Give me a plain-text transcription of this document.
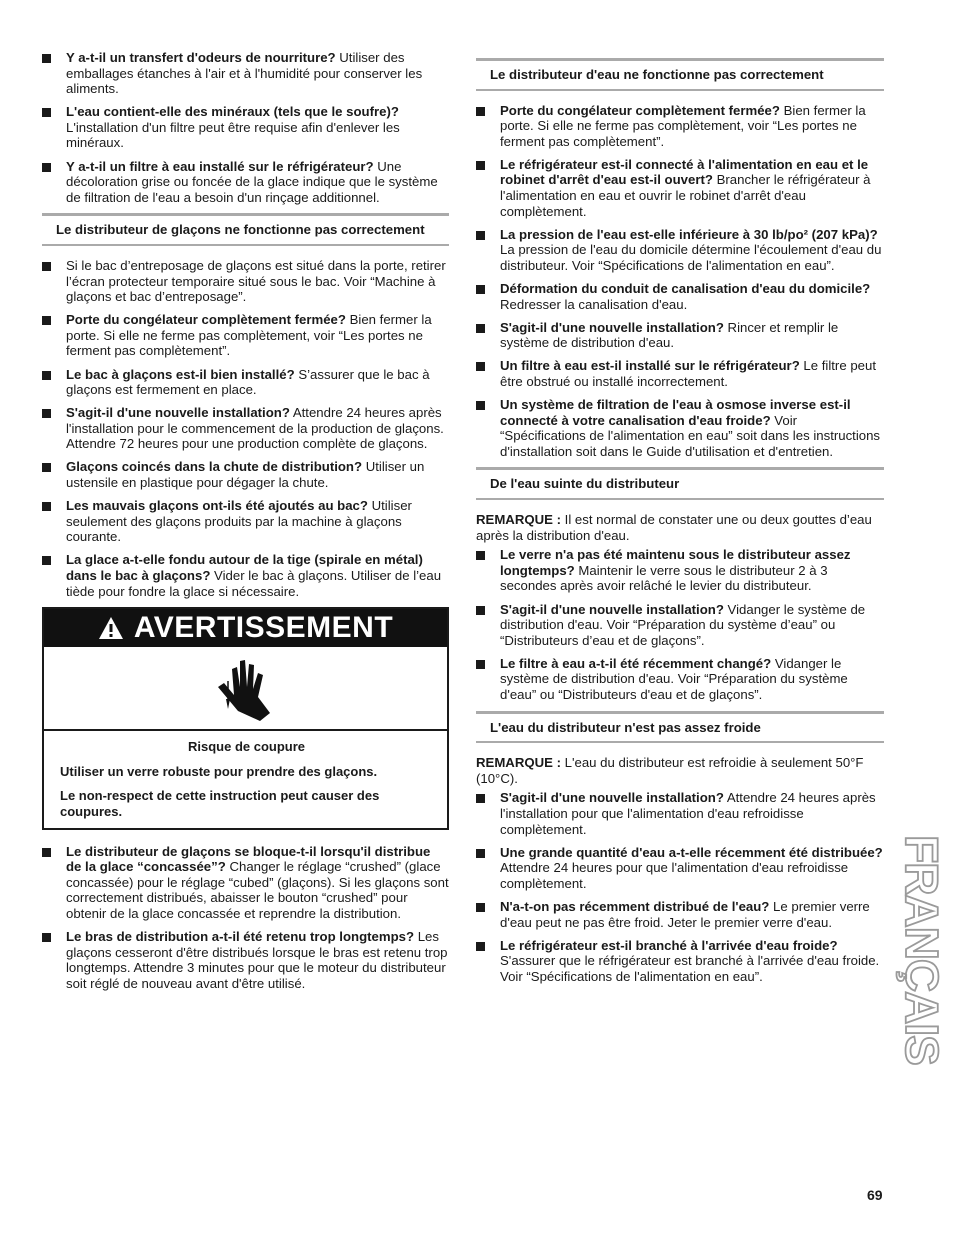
Y a-t-il un transfert d'odeurs de nourriture? Utiliser des emballages étanches à l'air et à l'humidité pour conserver les aliments.
L'eau contient-elle des minéraux (tels que le soufre)? L'installation d'un filtre peut être requise afin d'enlever les minéraux.
Y a-t-il un filtre à eau installé sur le réfrigérateur? Une décoloration grise ou foncée de la glace indique que le système de filtration de l'eau a besoin d'un rinçage additionnel.
Le distributeur de glaçons ne fonctionne pas correctement
Si le bac d’entreposage de glaçons est situé dans la porte, retirer l’écran protecteur temporaire situé sous le bac. Voir “Machine à glaçons et bac d’entreposage”.
Porte du congélateur complètement fermée? Bien fermer la porte. Si elle ne ferme pas complètement, voir “Les portes ne ferment pas complètement”.
Le bac à glaçons est-il bien installé? S’assurer que le bac à glaçons est fermement en place.
S'agit-il d'une nouvelle installation? Attendre 24 heures après l'installation pour le commencement de la production de glaçons. Attendre 72 heures pour une production complète de glaçons.
Glaçons coincés dans la chute de distribution? Utiliser un ustensile en plastique pour dégager la chute.
Les mauvais glaçons ont-ils été ajoutés au bac? Utiliser seulement des glaçons produits par la machine à glaçons courante.
La glace a-t-elle fondu autour de la tige (spirale en métal) dans le bac à glaçons? Vider le bac à glaçons. Utiliser de l’eau tiède pour fondre la glace si nécessaire.
AVERTISSEMENT
Risque de coupure

Utiliser un verre robuste pour prendre des glaçons.

Le non-respect de cette instruction peut causer des coupures.

Le distributeur de glaçons se bloque-t-il lorsqu'il distribue de la glace “concassée”? Changer le réglage “crushed” (glace concassée) pour le réglage “cubed” (glaçons). Si les glaçons sont correctement distribués, abaisser le bouton “crushed” pour obtenir de la glace concassée et reprendre la distribution.
Le bras de distribution a-t-il été retenu trop longtemps? Les glaçons cesseront d'être distribués lorsque le bras est retenu trop longtemps. Attendre 3 minutes pour que le moteur du distributeur soit réglé de nouveau avant d'être utilisé.
Le distributeur d'eau ne fonctionne pas correctement
Porte du congélateur complètement fermée? Bien fermer la porte. Si elle ne ferme pas complètement, voir “Les portes ne ferment pas complètement”.
Le réfrigérateur est-il connecté à l'alimentation en eau et le robinet d'arrêt d'eau est-il ouvert? Brancher le réfrigérateur à l'alimentation en eau et ouvrir le robinet d'arrêt d'eau complètement.
La pression de l'eau est-elle inférieure à 30 lb/po² (207 kPa)? La pression de l'eau du domicile détermine l'écoulement d'eau du distributeur. Voir “Spécifications de l'alimentation en eau”.
Déformation du conduit de canalisation d'eau du domicile? Redresser la canalisation d'eau.
S'agit-il d'une nouvelle installation? Rincer et remplir le système de distribution d'eau.
Un filtre à eau est-il installé sur le réfrigérateur? Le filtre peut être obstrué ou installé incorrectement.
Un système de filtration de l'eau à osmose inverse est-il connecté à votre canalisation d'eau froide? Voir “Spécifications de l'alimentation en eau” soit dans les instructions d'installation soit dans le Guide d'utilisation et d'entretien.
De l'eau suinte du distributeur

REMARQUE : Il est normal de constater une ou deux gouttes d’eau après la distribution d'eau.

Le verre n'a pas été maintenu sous le distributeur assez longtemps? Maintenir le verre sous le distributeur 2 à 3 secondes après avoir relâché le levier du distributeur.
S'agit-il d'une nouvelle installation? Vidanger le système de distribution d'eau. Voir “Préparation du système d’eau” ou “Distributeurs d’eau et de glaçons”.
Le filtre à eau a-t-il été récemment changé? Vidanger le système de distribution d'eau. Voir “Préparation du système d'eau” ou “Distributeurs d'eau et de glaçons”.
L'eau du distributeur n'est pas assez froide

REMARQUE : L'eau du distributeur est refroidie à seulement 50°F (10°C).

S'agit-il d'une nouvelle installation? Attendre 24 heures après l'installation pour que l'alimentation d'eau refroidisse complètement.
Une grande quantité d'eau a-t-elle récemment été distribuée? Attendre 24 heures pour que l'alimentation d'eau refroidisse complètement.
N'a-t-on pas récemment distribué de l'eau? Le premier verre d'eau peut ne pas être froid. Jeter le premier verre d'eau.
Le réfrigérateur est-il branché à l'arrivée d'eau froide? S'assurer que le réfrigérateur est branché à l'arrivée d'eau froide. Voir “Spécifications de l'alimentation en eau”.	FRANÇAIS
69
